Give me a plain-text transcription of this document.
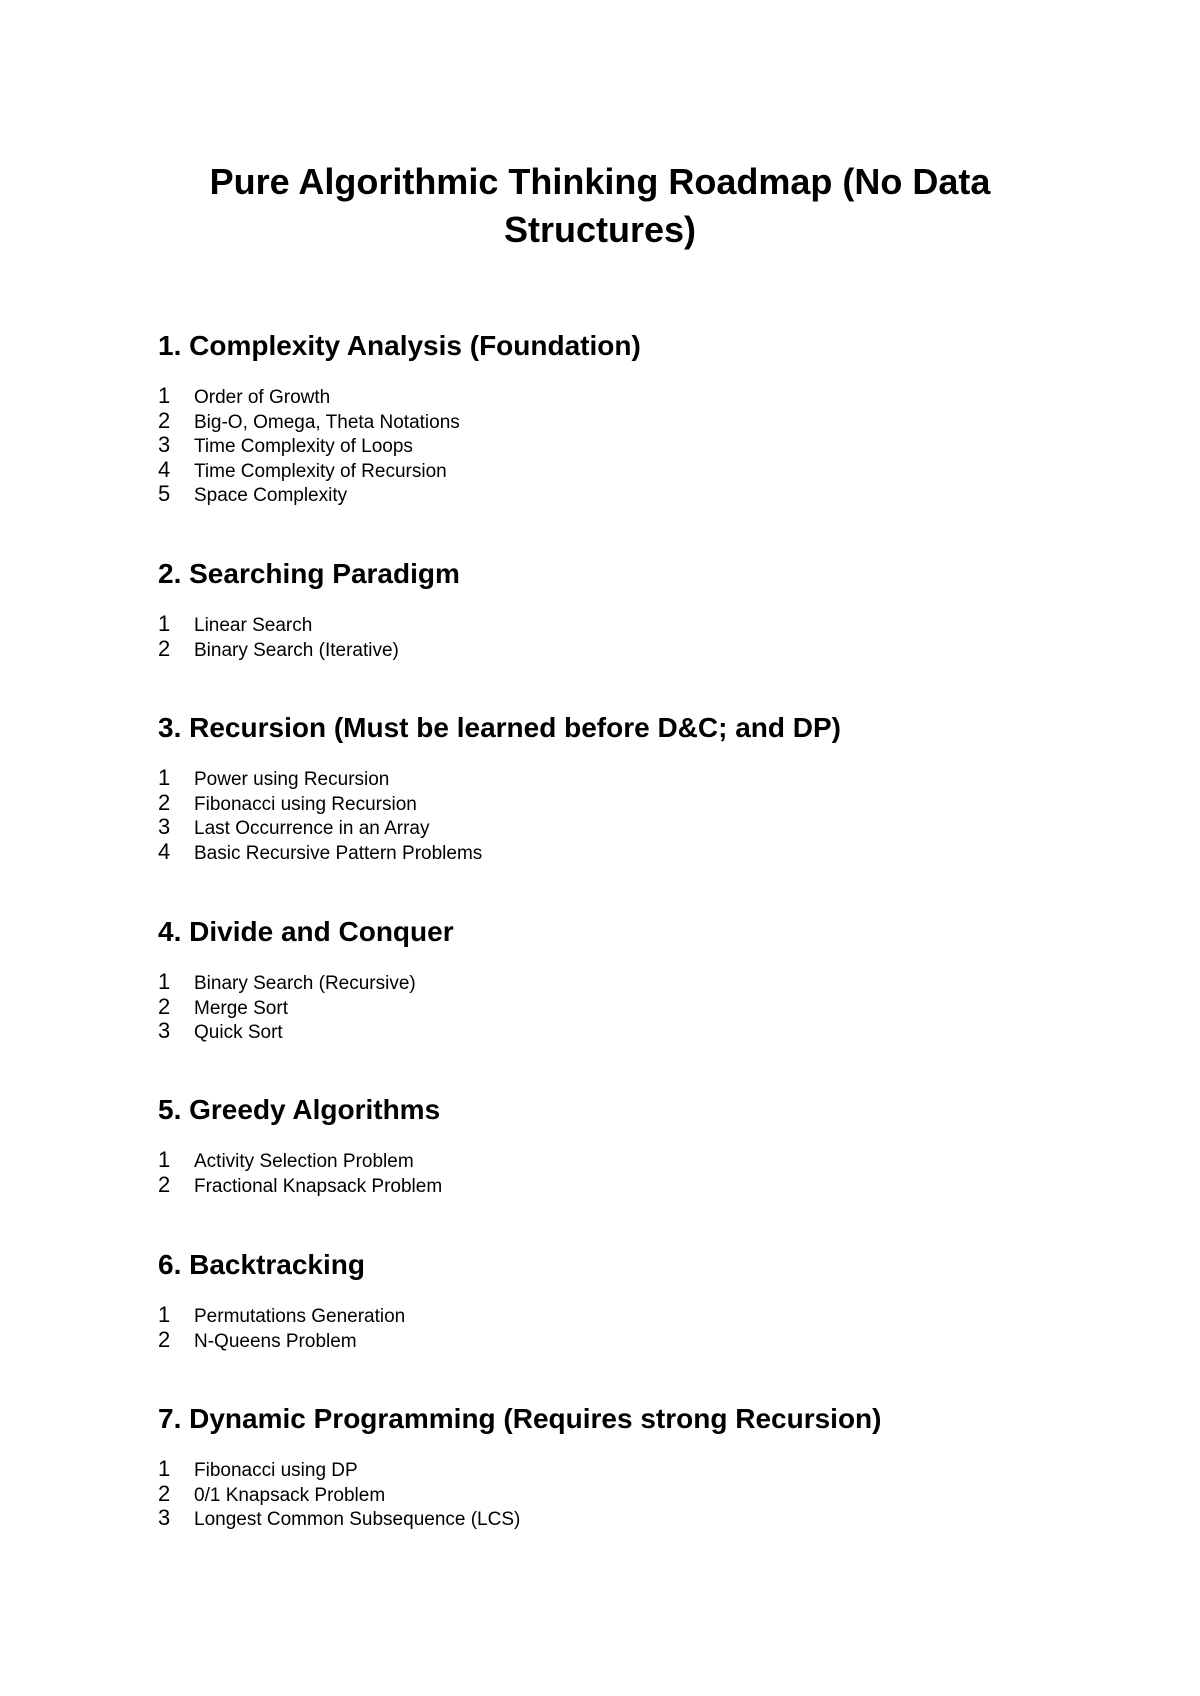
Pure Algorithmic Thinking Roadmap (No Data Structures)
1. Complexity Analysis (Foundation)
1	Order of Growth
2	Big-O, Omega, Theta Notations
3	Time Complexity of Loops
4	Time Complexity of Recursion
5	Space Complexity
2. Searching Paradigm
1	Linear Search
2	Binary Search (Iterative)
3. Recursion (Must be learned before D&C; and DP)
1	Power using Recursion
2	Fibonacci using Recursion
3	Last Occurrence in an Array
4	Basic Recursive Pattern Problems
4. Divide and Conquer
1	Binary Search (Recursive)
2	Merge Sort
3	Quick Sort
5. Greedy Algorithms
1	Activity Selection Problem
2	Fractional Knapsack Problem
6. Backtracking
1	Permutations Generation
2	N-Queens Problem
7. Dynamic Programming (Requires strong Recursion)
1	Fibonacci using DP
2	0/1 Knapsack Problem
3	Longest Common Subsequence (LCS)
